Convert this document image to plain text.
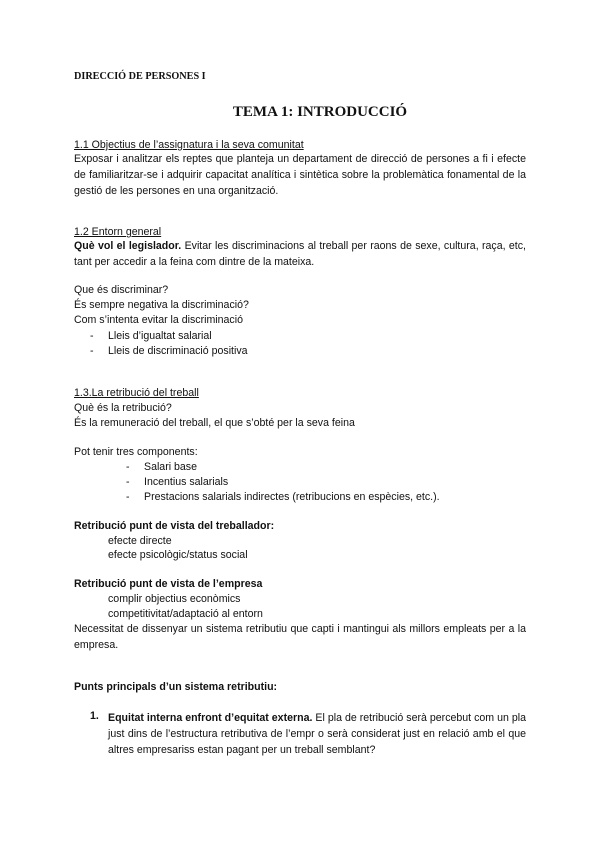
DIRECCIÓ DE PERSONES I
TEMA 1: INTRODUCCIÓ
1.1 Objectius de l’assignatura i la seva comunitat
Exposar i analitzar els reptes que planteja un departament de direcció de persones a fi i efecte de familiaritzar-se i adquirir capacitat analítica i sintètica sobre la problemàtica fonamental de la gestió de les persones en una organització.
1.2 Entorn general
Què vol el legislador. Evitar les discriminacions al treball per raons de sexe, cultura, raça, etc, tant per accedir a la feina com dintre de la mateixa.
Que és discriminar?
És sempre negativa la discriminació?
Com s’intenta evitar la discriminació
- Lleis d’igualtat salarial
- Lleis de discriminació positiva
1.3.La retribució del treball
Què és la retribució?
És la remuneració del treball, el que s’obté per la seva feina
Pot tenir tres components:
- Salari base
- Incentius salarials
- Prestacions salarials indirectes (retribucions en espècies, etc.).
Retribució punt de vista del treballador:
efecte directe
efecte psicològic/status social
Retribució punt de vista de l’empresa
complir objectius econòmics
competitivitat/adaptació al entorn
Necessitat de dissenyar un sistema retributiu que capti i mantingui als millors empleats per a la empresa.
Punts principals d’un sistema retributiu:
1. Equitat interna enfront d’equitat externa. El pla de retribució serà percebut com un pla just dins de l’estructura retributiva de l’empr o serà considerat just en relació amb el que altres empresariss estan pagant per un treball semblant?
